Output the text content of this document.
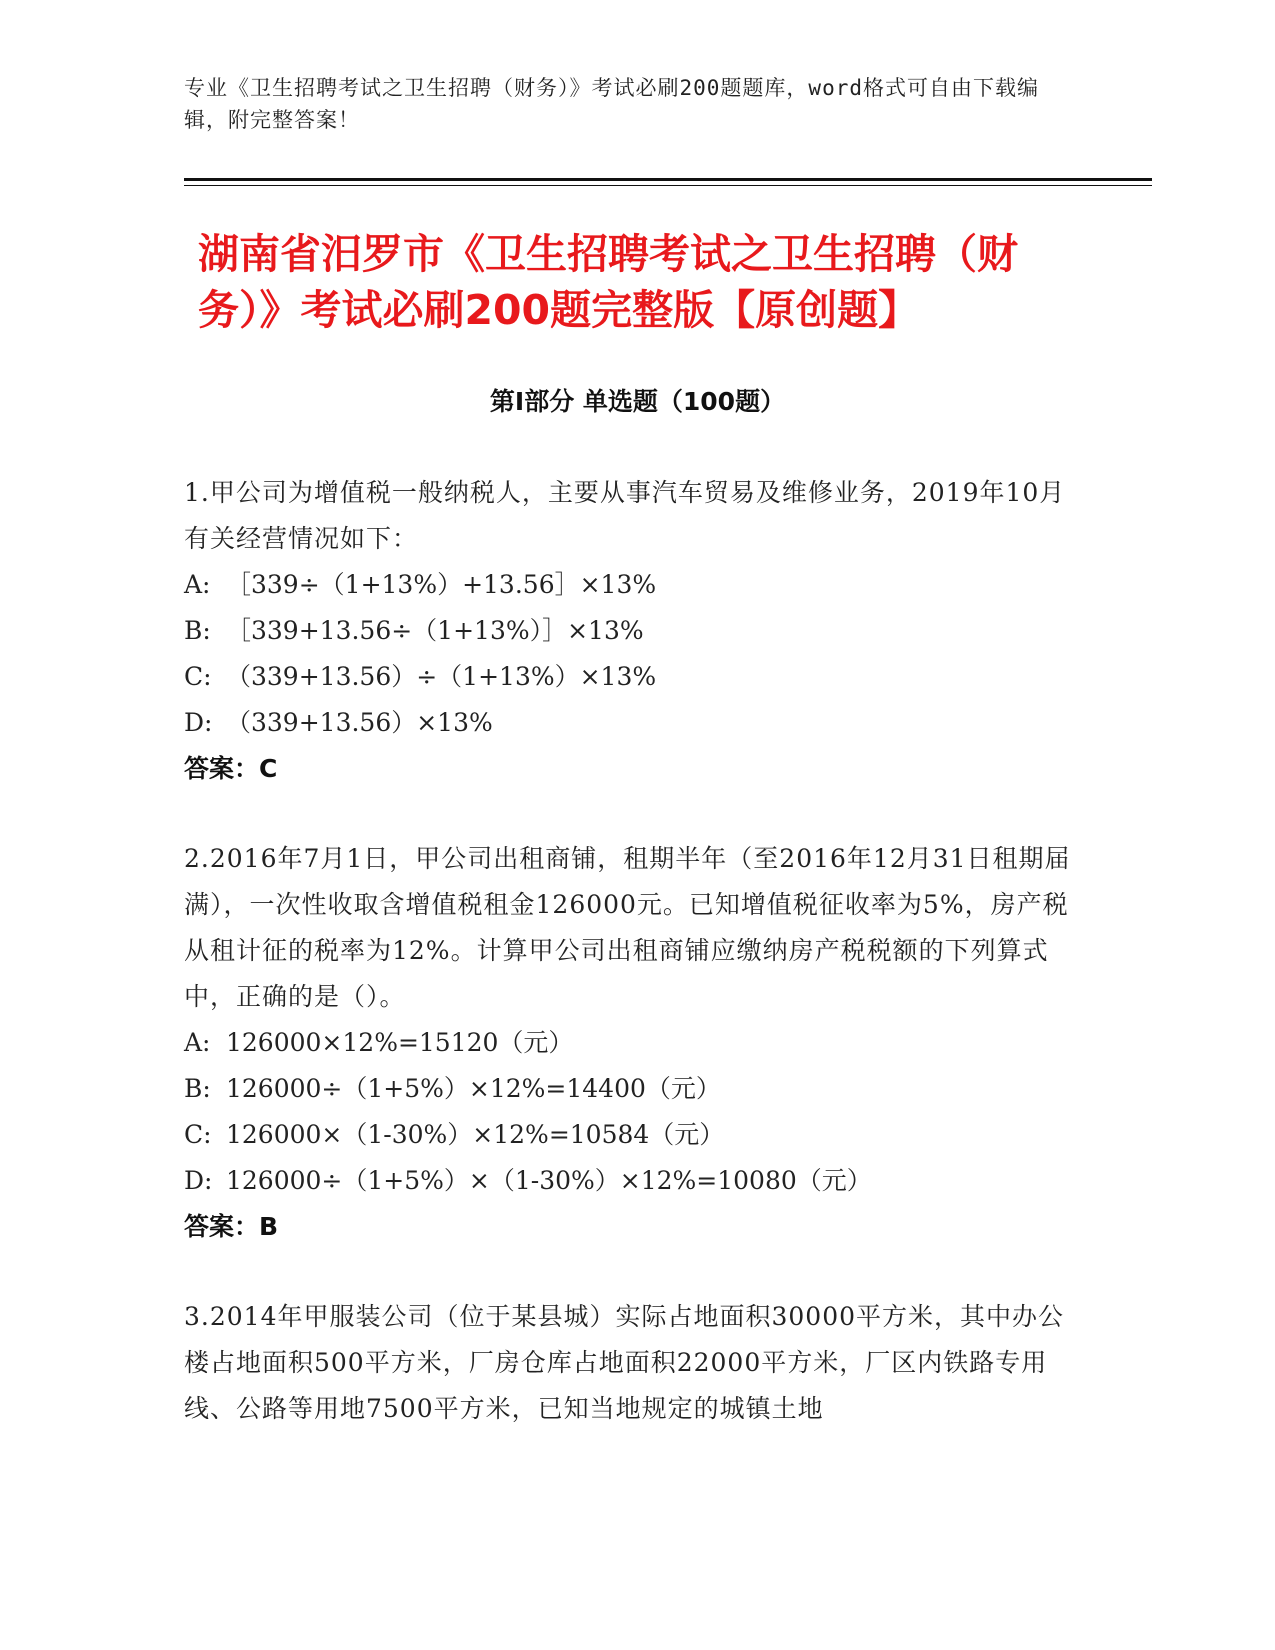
专业《卫生招聘考试之卫生招聘（财务）》考试必刷200题题库，word格式可自由下载编辑，附完整答案！
湖南省汨罗市《卫生招聘考试之卫生招聘（财务）》考试必刷200题完整版【原创题】
第I部分 单选题（100题）

1.甲公司为增值税一般纳税人，主要从事汽车贸易及维修业务，2019年10月有关经营情况如下：

A: ［339÷（1+13%）+13.56］×13%

B: ［339+13.56÷（1+13%）］×13%

C: （339+13.56）÷（1+13%）×13%

D: （339+13.56）×13%

答案：C

2.2016年7月1日，甲公司出租商铺，租期半年（至2016年12月31日租期届满），一次性收取含增值税租金126000元。已知增值税征收率为5%，房产税从租计征的税率为12%。计算甲公司出租商铺应缴纳房产税税额的下列算式中，正确的是（）。

A: 126000×12%=15120（元）

B: 126000÷（1+5%）×12%=14400（元）

C: 126000×（1-30%）×12%=10584（元）

D: 126000÷（1+5%）×（1-30%）×12%=10080（元）

答案：B

3.2014年甲服装公司（位于某县城）实际占地面积30000平方米，其中办公楼占地面积500平方米，厂房仓库占地面积22000平方米，厂区内铁路专用线、公路等用地7500平方米，已知当地规定的城镇土地
